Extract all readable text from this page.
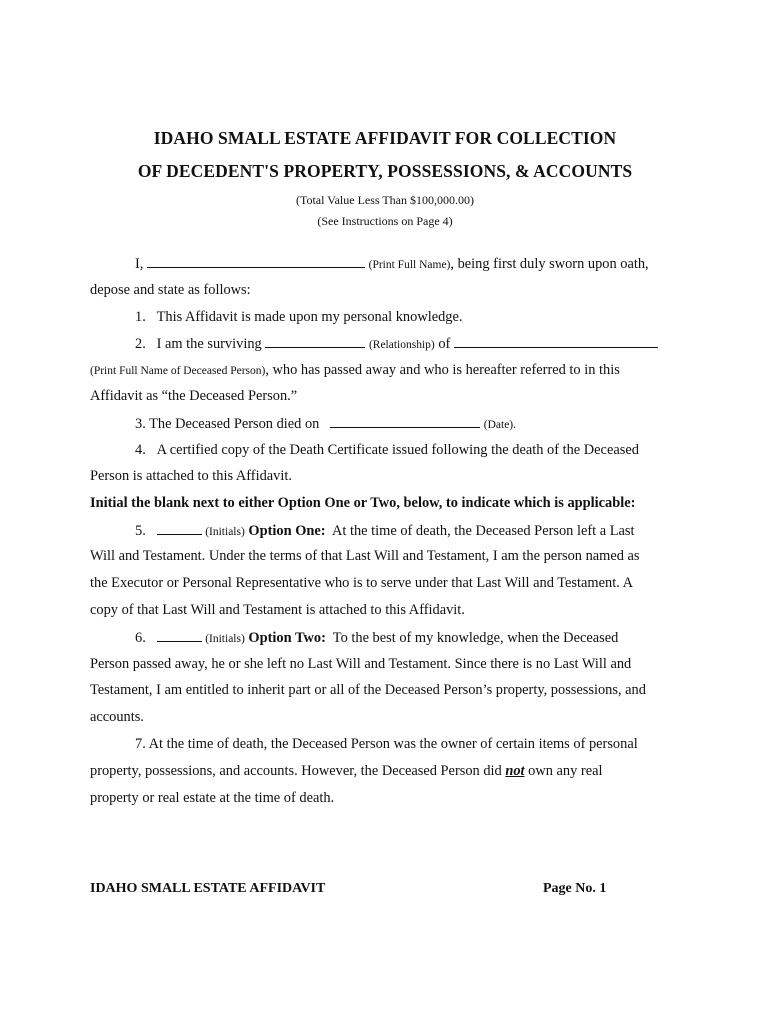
IDAHO SMALL ESTATE AFFIDAVIT FOR COLLECTION
OF DECEDENT'S PROPERTY, POSSESSIONS, & ACCOUNTS
(Total Value Less Than $100,000.00)
(See Instructions on Page 4)
I,	(Print Full Name), being first duly sworn upon oath,
depose and state as follows:
1. This Affidavit is made upon my personal knowledge.
2. I am the surviving	(Relationship) of
(Print Full Name of Deceased Person), who has passed away and who is hereafter referred to in this
Affidavit as “the Deceased Person.”
3. The Deceased Person died on	(Date).
4. A certified copy of the Death Certificate issued following the death of the Deceased
Person is attached to this Affidavit.
Initial the blank next to either Option One or Two, below, to indicate which is applicable:
5.	(Initials) Option One: At the time of death, the Deceased Person left a Last
Will and Testament. Under the terms of that Last Will and Testament, I am the person named as
the Executor or Personal Representative who is to serve under that Last Will and Testament. A
copy of that Last Will and Testament is attached to this Affidavit.
6.	(Initials) Option Two: To the best of my knowledge, when the Deceased
Person passed away, he or she left no Last Will and Testament. Since there is no Last Will and
Testament, I am entitled to inherit part or all of the Deceased Person’s property, possessions, and
accounts.
7. At the time of death, the Deceased Person was the owner of certain items of personal
property, possessions, and accounts. However, the Deceased Person did not own any real
property or real estate at the time of death.
IDAHO SMALL ESTATE AFFIDAVIT	Page No. 1
